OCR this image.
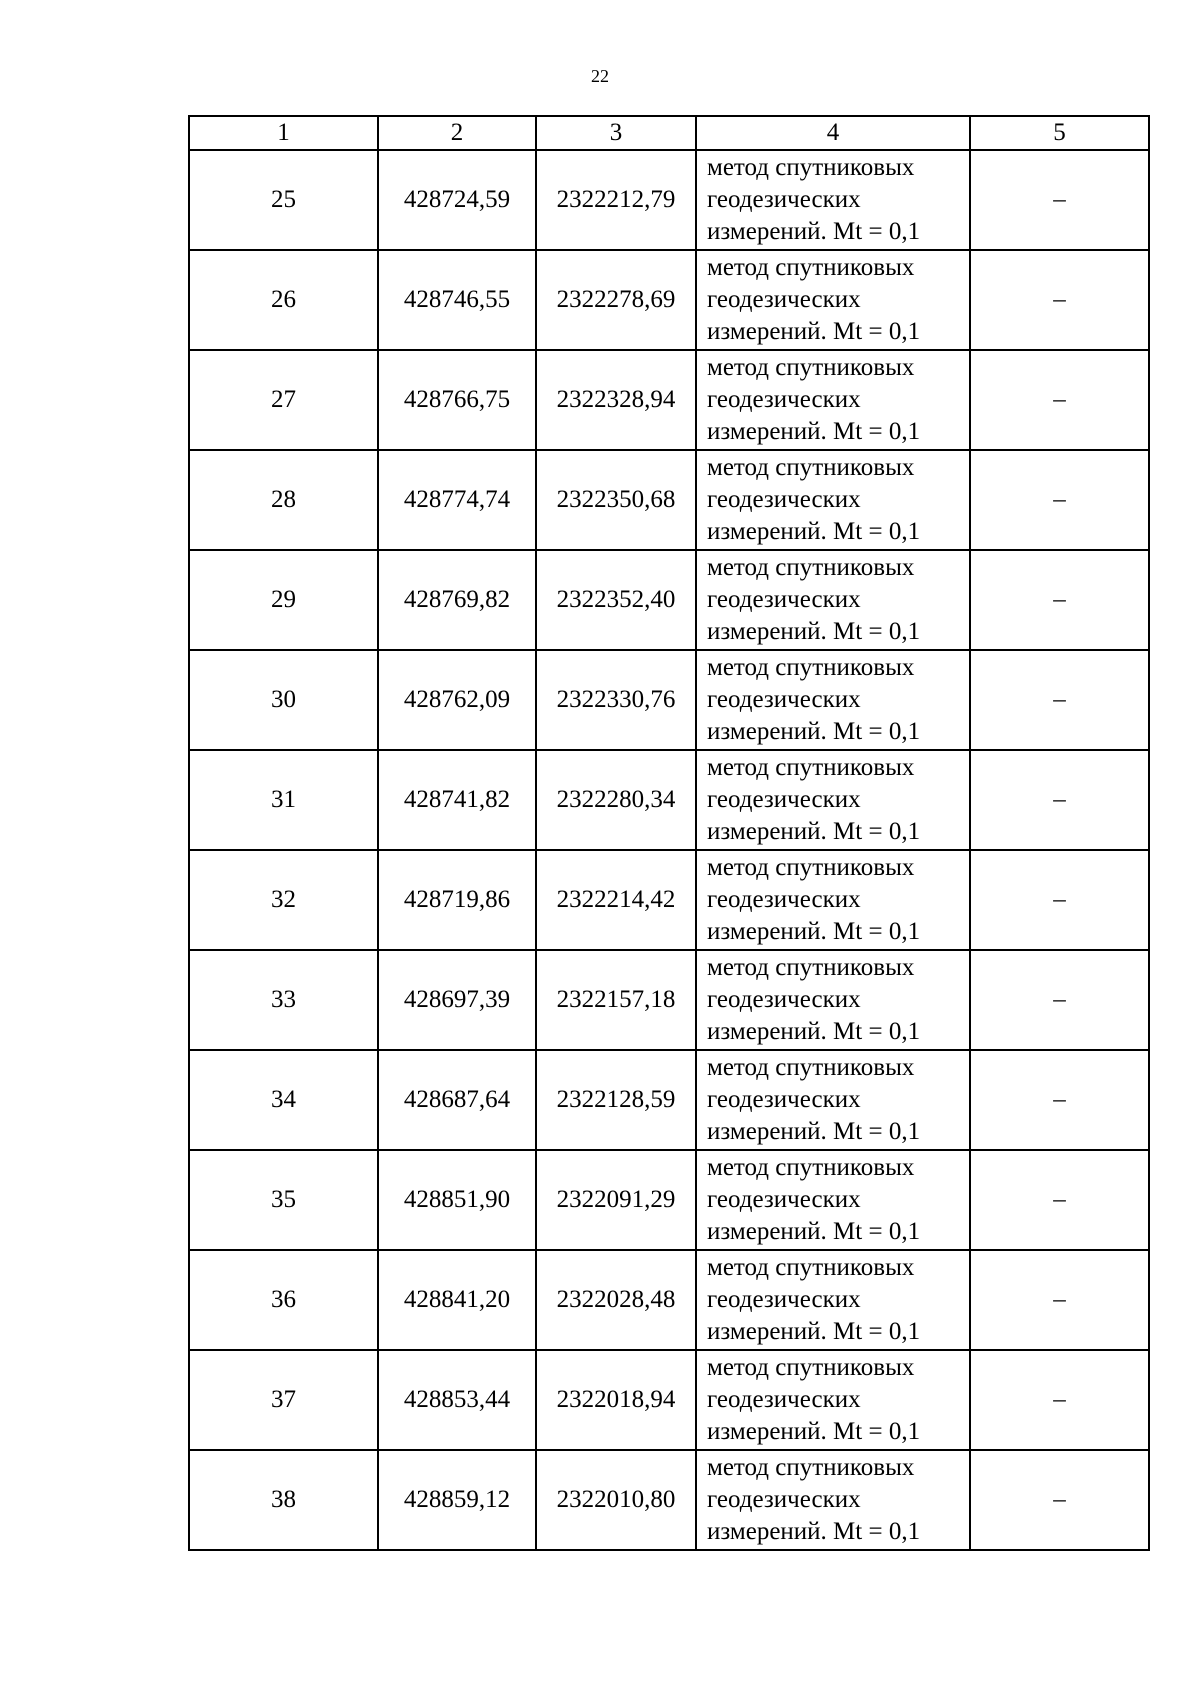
22
1	2	3	4	5
25	428724,59	2322212,79	метод спутниковых
геодезических
измерений. Mt = 0,1	–
26	428746,55	2322278,69	метод спутниковых
геодезических
измерений. Mt = 0,1	–
27	428766,75	2322328,94	метод спутниковых
геодезических
измерений. Mt = 0,1	–
28	428774,74	2322350,68	метод спутниковых
геодезических
измерений. Mt = 0,1	–
29	428769,82	2322352,40	метод спутниковых
геодезических
измерений. Mt = 0,1	–
30	428762,09	2322330,76	метод спутниковых
геодезических
измерений. Mt = 0,1	–
31	428741,82	2322280,34	метод спутниковых
геодезических
измерений. Mt = 0,1	–
32	428719,86	2322214,42	метод спутниковых
геодезических
измерений. Mt = 0,1	–
33	428697,39	2322157,18	метод спутниковых
геодезических
измерений. Mt = 0,1	–
34	428687,64	2322128,59	метод спутниковых
геодезических
измерений. Mt = 0,1	–
35	428851,90	2322091,29	метод спутниковых
геодезических
измерений. Mt = 0,1	–
36	428841,20	2322028,48	метод спутниковых
геодезических
измерений. Mt = 0,1	–
37	428853,44	2322018,94	метод спутниковых
геодезических
измерений. Mt = 0,1	–
38	428859,12	2322010,80	метод спутниковых
геодезических
измерений. Mt = 0,1	–
